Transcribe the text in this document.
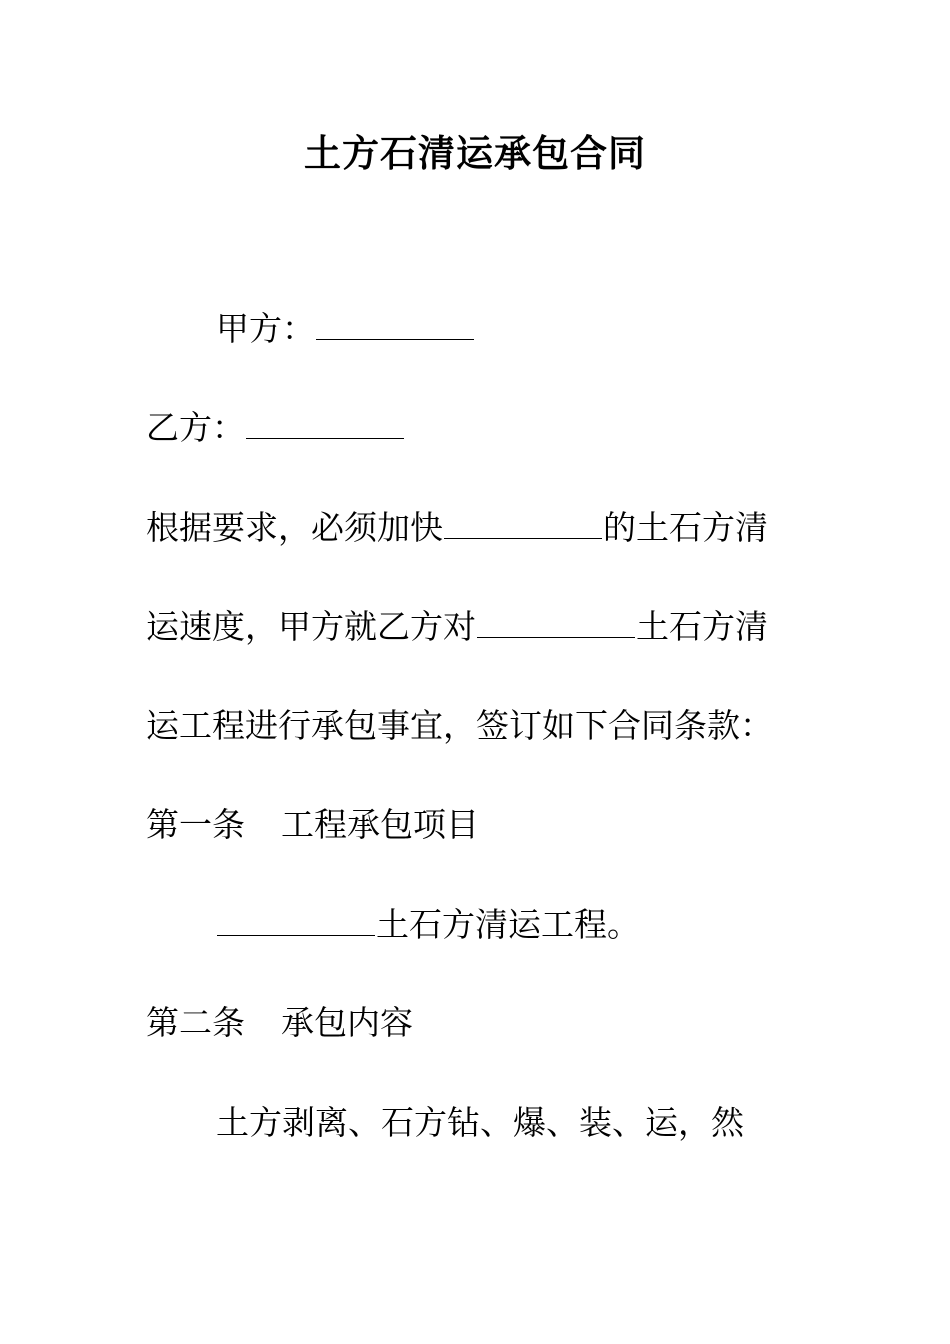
土方石清运承包合同
甲方：
乙方：
根据要求，必须加快	的土石方清
运速度，甲方就乙方对	土石方清
运工程进行承包事宜，签订如下合同条款：
第一条 工程承包项目
土石方清运工程。
第二条 承包内容
土方剥离、石方钻、爆、装、运，然
